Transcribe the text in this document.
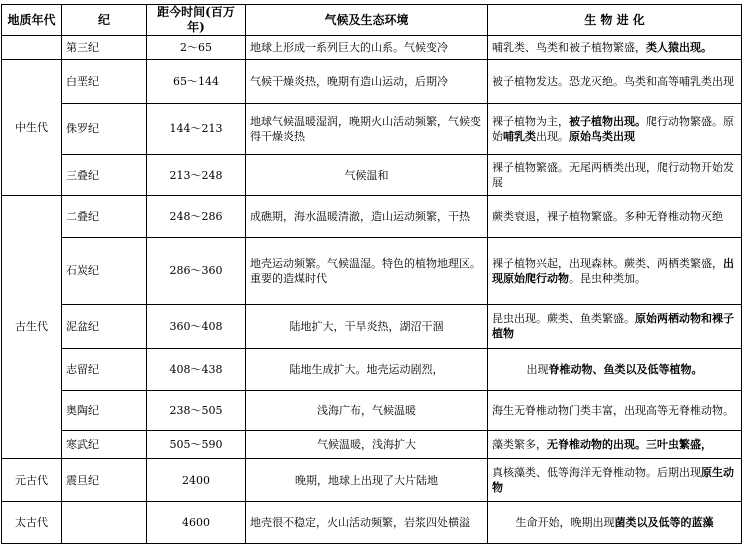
地质年代	纪	距今时间(百万年)	气候及生态环境	生 物 进 化
	第三纪	2～65	地球上形成一系列巨大的山系。气候变冷	哺乳类、鸟类和被子植物繁盛，类人猿出现。
中生代	白垩纪	65～144	气候干燥炎热，晚期有造山运动，后期冷	被子植物发达。恐龙灭绝。鸟类和高等哺乳类出现
	侏罗纪	144～213	地球气候温暖湿润，晚期火山活动频繁，气候变得干燥炎热	裸子植物为主，被子植物出现。爬行动物繁盛。原始哺乳类出现。原始鸟类出现
	三叠纪	213～248	气候温和	裸子植物繁盛。无尾两栖类出现，爬行动物开始发展
古生代	二叠纪	248～286	成礁期，海水温暖清澈，造山运动频繁，干热	蕨类衰退，裸子植物繁盛。多种无脊椎动物灭绝
	石炭纪	286～360	地壳运动频繁。气候温湿。特色的植物地理区。重要的造煤时代	裸子植物兴起，出现森林。蕨类、两栖类繁盛，出现原始爬行动物。昆虫种类加。
	泥盆纪	360～408	陆地扩大，干旱炎热，湖沼干涸	昆虫出现。蕨类、鱼类繁盛。原始两栖动物和裸子植物
	志留纪	408～438	陆地生成扩大。地壳运动剧烈，	出现脊椎动物、鱼类以及低等植物。
	奥陶纪	238～505	浅海广布，气候温暖	海生无脊椎动物门类丰富，出现高等无脊椎动物。
	寒武纪	505～590	气候温暖，浅海扩大	藻类繁多，无脊椎动物的出现。三叶虫繁盛，
元古代	震旦纪	2400	晚期，地球上出现了大片陆地	真核藻类、低等海洋无脊椎动物。后期出现原生动物
太古代		4600	地壳很不稳定，火山活动频繁，岩浆四处横溢	生命开始，晚期出现菌类以及低等的蓝藻
